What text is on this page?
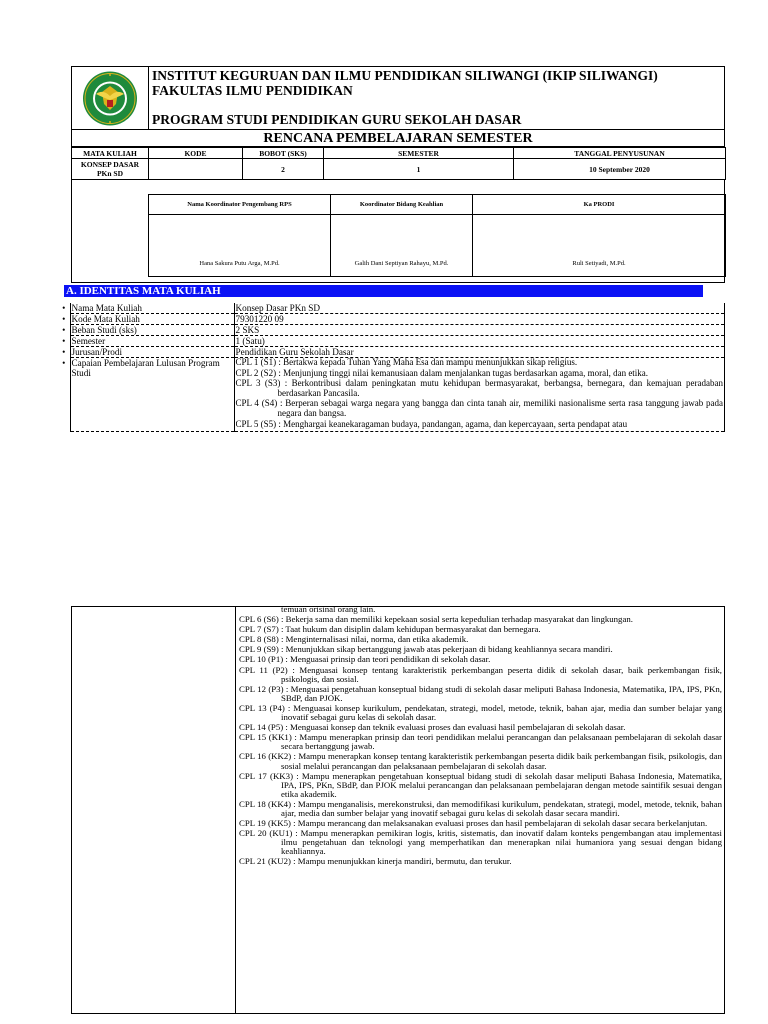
INSTITUT KEGURUAN DAN ILMU PENDIDIKAN SILIWANGI (IKIP SILIWANGI)
FAKULTAS ILMU PENDIDIKAN
PROGRAM STUDI PENDIDIKAN GURU SEKOLAH DASAR
RENCANA PEMBELAJARAN SEMESTER
MATA KULIAH	KODE	BOBOT (SKS)	SEMESTER	TANGGAL PENYUSUNAN
KONSEP DASAR PKn SD		2	1	10 September 2020
Nama Koordinator Pengembang RPS	Koordinator Bidang Keahlian	Ka PRODI
Hana Sakura Putu Arga, M.Pd.	Galih Dani Septiyan Rahayu, M.Pd.	Ruli Setiyadi, M.Pd.
A. IDENTITAS MATA KULIAH
•	Nama Mata Kuliah	Konsep Dasar PKn SD
•	Kode Mata Kuliah	79301220 09
•	Beban Studi (sks)	2 SKS
•	Semester	1 (Satu)
•	Jurusan/Prodi	Pendidikan Guru Sekolah Dasar
•	Capaian Pembelajaran Lulusan Program Studi	CPL 1 (S1) : Bertakwa kepada Tuhan Yang Maha Esa dan mampu menunjukkan sikap religius.

CPL 2 (S2) : Menjunjung tinggi nilai kemanusiaan dalam menjalankan tugas berdasarkan agama, moral, dan etika.

CPL 3 (S3) : Berkontribusi dalam peningkatan mutu kehidupan bermasyarakat, berbangsa, bernegara, dan kemajuan peradaban berdasarkan Pancasila.

CPL 4 (S4) : Berperan sebagai warga negara yang bangga dan cinta tanah air, memiliki nasionalisme serta rasa tanggung jawab pada negara dan bangsa.

CPL 5 (S5) : Menghargai keanekaragaman budaya, pandangan, agama, dan kepercayaan, serta pendapat atau

temuan orisinal orang lain.

CPL 6 (S6) : Bekerja sama dan memiliki kepekaan sosial serta kepedulian terhadap masyarakat dan lingkungan.

CPL 7 (S7) : Taat hukum dan disiplin dalam kehidupan bermasyarakat dan bernegara.

CPL 8 (S8) : Menginternalisasi nilai, norma, dan etika akademik.

CPL 9 (S9) : Menunjukkan sikap bertanggung jawab atas pekerjaan di bidang keahliannya secara mandiri.

CPL 10 (P1) : Menguasai prinsip dan teori pendidikan di sekolah dasar.

CPL 11 (P2) : Menguasai konsep tentang karakteristik perkembangan peserta didik di sekolah dasar, baik perkembangan fisik, psikologis, dan sosial.

CPL 12 (P3) : Menguasai pengetahuan konseptual bidang studi di sekolah dasar meliputi Bahasa Indonesia, Matematika, IPA, IPS, PKn, SBdP, dan PJOK.

CPL 13 (P4) : Menguasai konsep kurikulum, pendekatan, strategi, model, metode, teknik, bahan ajar, media dan sumber belajar yang inovatif sebagai guru kelas di sekolah dasar.

CPL 14 (P5) : Menguasai konsep dan teknik evaluasi proses dan evaluasi hasil pembelajaran di sekolah dasar.

CPL 15 (KK1) : Mampu menerapkan prinsip dan teori pendidikan melalui perancangan dan pelaksanaan pembelajaran di sekolah dasar secara bertanggung jawab.

CPL 16 (KK2) : Mampu menerapkan konsep tentang karakteristik perkembangan peserta didik baik perkembangan fisik, psikologis, dan sosial melalui perancangan dan pelaksanaan pembelajaran di sekolah dasar.

CPL 17 (KK3) : Mampu menerapkan pengetahuan konseptual bidang studi di sekolah dasar meliputi Bahasa Indonesia, Matematika, IPA, IPS, PKn, SBdP, dan PJOK melalui perancangan dan pelaksanaan pembelajaran dengan metode saintifik sesuai dengan etika akademik.

CPL 18 (KK4) : Mampu menganalisis, merekonstruksi, dan memodifikasi kurikulum, pendekatan, strategi, model, metode, teknik, bahan ajar, media dan sumber belajar yang inovatif sebagai guru kelas di sekolah dasar secara mandiri.

CPL 19 (KK5) : Mampu merancang dan melaksanakan evaluasi proses dan hasil pembelajaran di sekolah dasar secara berkelanjutan.

CPL 20 (KU1) : Mampu menerapkan pemikiran logis, kritis, sistematis, dan inovatif dalam konteks pengembangan atau implementasi ilmu pengetahuan dan teknologi yang memperhatikan dan menerapkan nilai humaniora yang sesuai dengan bidang keahliannya.

CPL 21 (KU2) : Mampu menunjukkan kinerja mandiri, bermutu, dan terukur.
